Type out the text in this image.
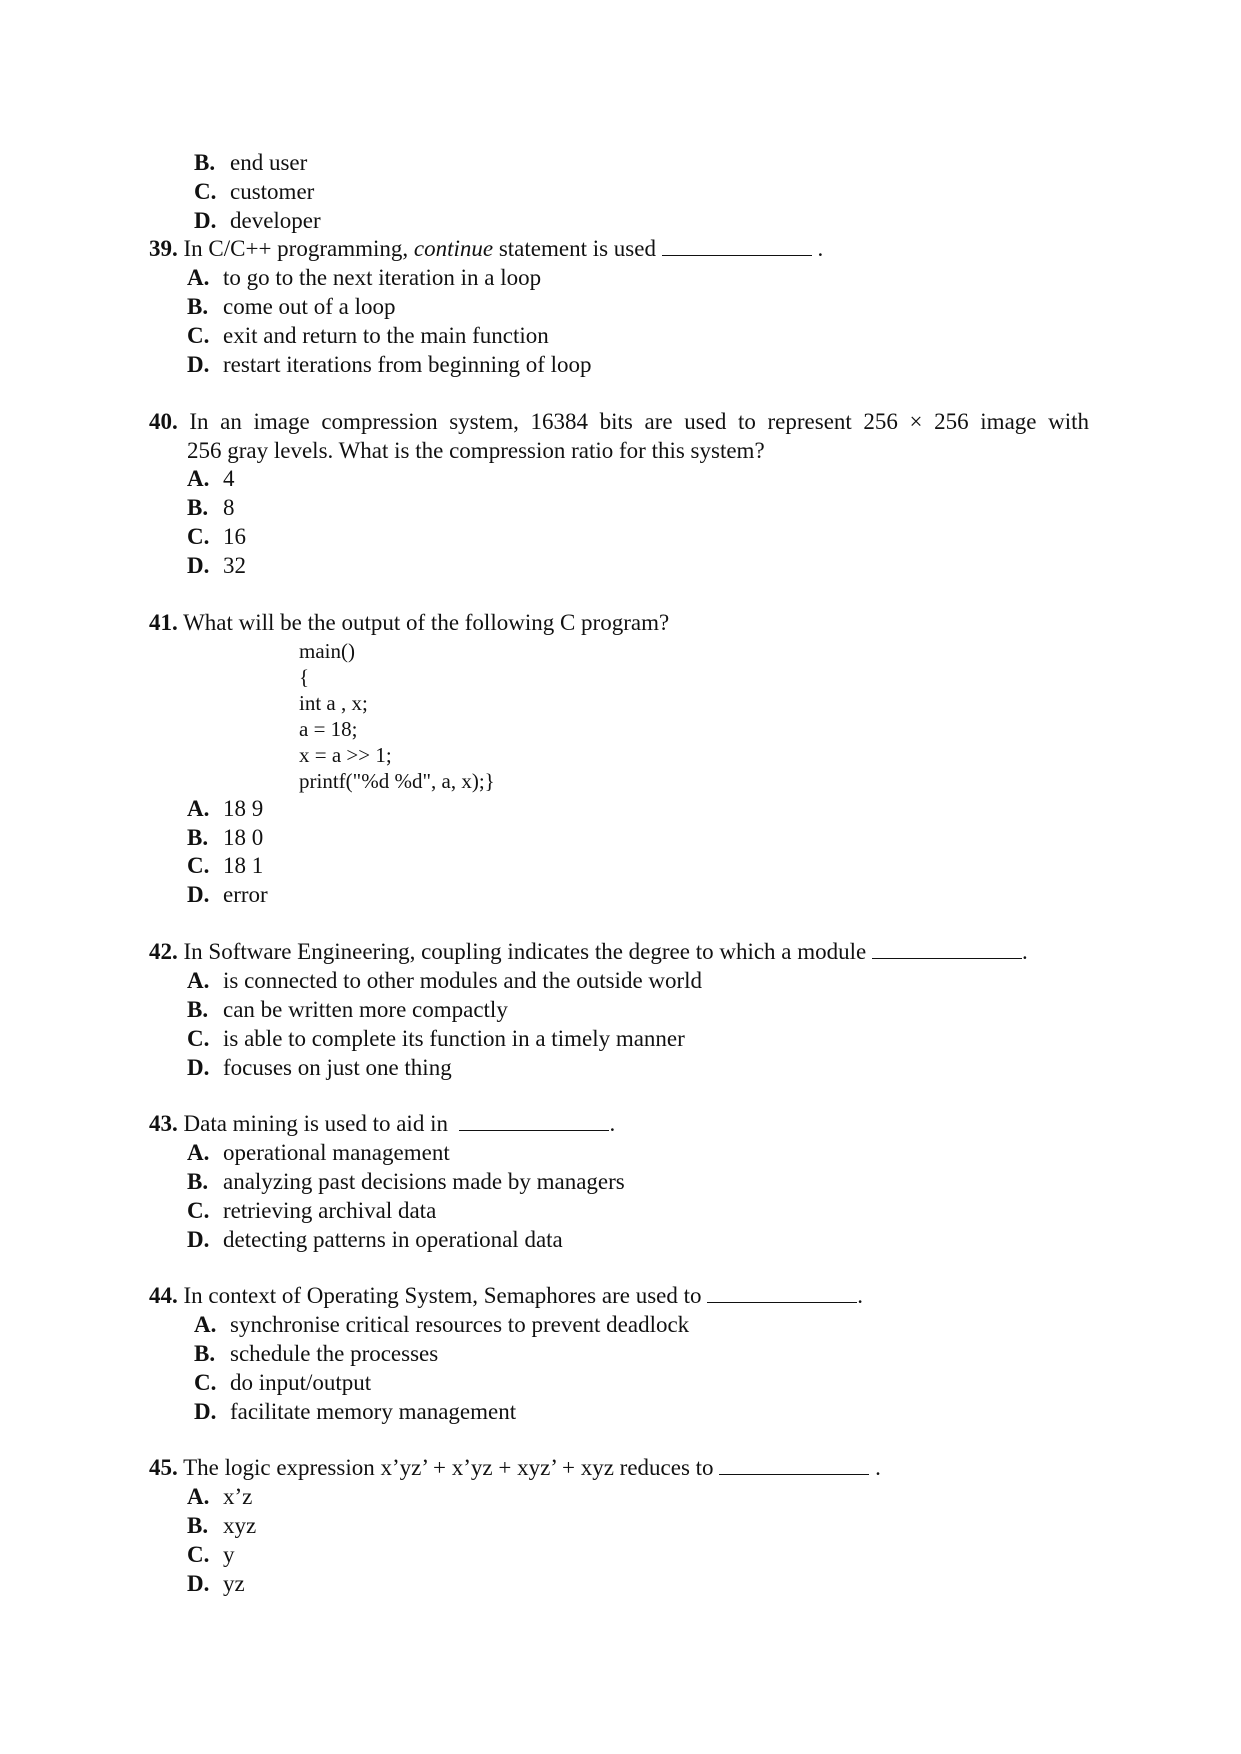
B. end user
C. customer
D. developer
39. In C/C++ programming, continue statement is used	.
A. to go to the next iteration in a loop
B. come out of a loop
C. exit and return to the main function
D. restart iterations from beginning of loop
40. In an image compression system, 16384 bits are used to represent 256 × 256 image with
256 gray levels. What is the compression ratio for this system?
A. 4
B. 8
C. 16
D. 32
41. What will be the output of the following C program?
main()
{
int a , x;
a = 18;
x = a >> 1;
printf("%d %d", a, x);}
A. 18 9
B. 18 0
C. 18 1
D. error
42. In Software Engineering, coupling indicates the degree to which a module	.
A. is connected to other modules and the outside world
B. can be written more compactly
C. is able to complete its function in a timely manner
D. focuses on just one thing
43. Data mining is used to aid in	.
A. operational management
B. analyzing past decisions made by managers
C. retrieving archival data
D. detecting patterns in operational data
44. In context of Operating System, Semaphores are used to	.
A. synchronise critical resources to prevent deadlock
B. schedule the processes
C. do input/output
D. facilitate memory management
45. The logic expression x’yz’ + x’yz + xyz’ + xyz reduces to	.
A. x’z
B. xyz
C. y
D. yz
